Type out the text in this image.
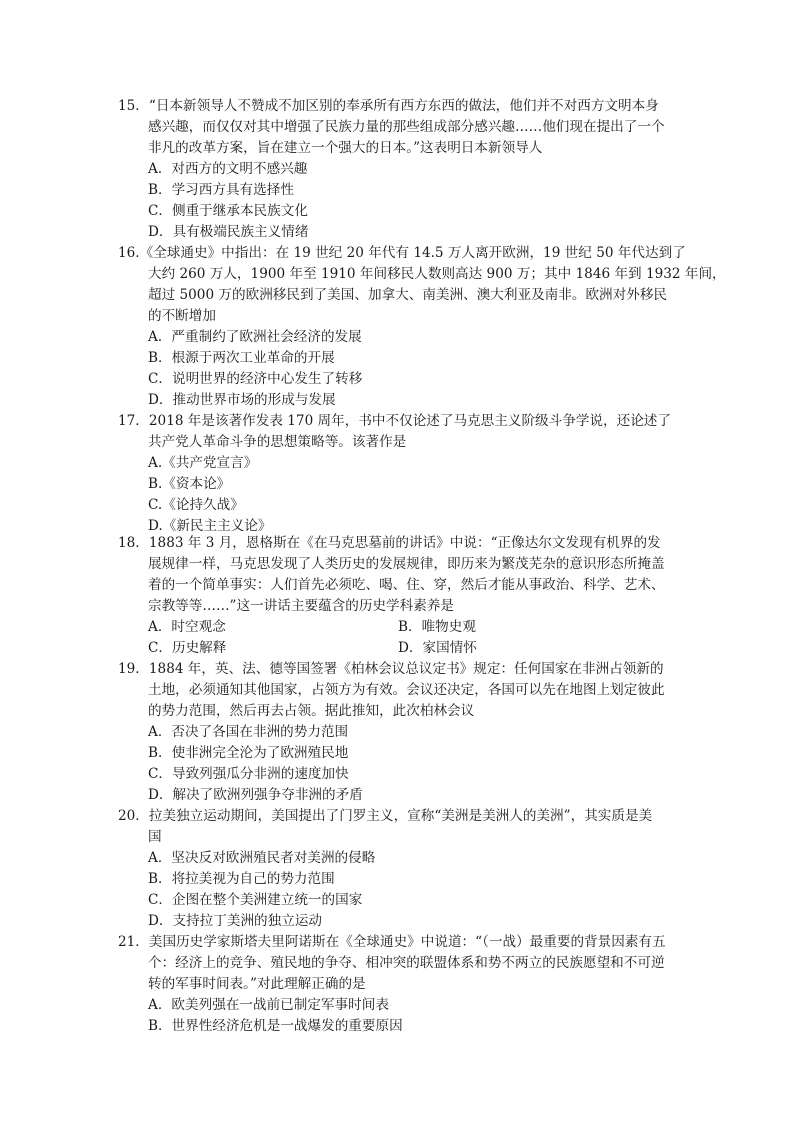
15．“日本新领导人不赞成不加区别的奉承所有西方东西的做法，他们并不对西方文明本身
感兴趣，而仅仅对其中增强了民族力量的那些组成部分感兴趣……他们现在提出了一个
非凡的改革方案，旨在建立一个强大的日本。”这表明日本新领导人
A．对西方的文明不感兴趣
B．学习西方具有选择性
C．侧重于继承本民族文化
D．具有极端民族主义情绪
16.《全球通史》中指出：在 19 世纪 20 年代有 14.5 万人离开欧洲，19 世纪 50 年代达到了
大约 260 万人，1900 年至 1910 年间移民人数则高达 900 万；其中 1846 年到 1932 年间，
超过 5000 万的欧洲移民到了美国、加拿大、南美洲、澳大利亚及南非。欧洲对外移民
的不断增加
A．严重制约了欧洲社会经济的发展
B．根源于两次工业革命的开展
C．说明世界的经济中心发生了转移
D．推动世界市场的形成与发展
17．2018 年是该著作发表 170 周年，书中不仅论述了马克思主义阶级斗争学说，还论述了
共产党人革命斗争的思想策略等。该著作是
A.《共产党宣言》
B.《资本论》
C.《论持久战》
D.《新民主主义论》
18．1883 年 3 月，恩格斯在《在马克思墓前的讲话》中说：“正像达尔文发现有机界的发
展规律一样，马克思发现了人类历史的发展规律，即历来为繁茂芜杂的意识形态所掩盖
着的一个简单事实：人们首先必须吃、喝、住、穿，然后才能从事政治、科学、艺术、
宗教等等……”这一讲话主要蕴含的历史学科素养是
A．时空观念	B．唯物史观
C．历史解释	D．家国情怀
19．1884 年，英、法、德等国签署《柏林会议总议定书》规定：任何国家在非洲占领新的
土地，必须通知其他国家，占领方为有效。会议还决定，各国可以先在地图上划定彼此
的势力范围，然后再去占领。据此推知，此次柏林会议
A．否决了各国在非洲的势力范围
B．使非洲完全沦为了欧洲殖民地
C．导致列强瓜分非洲的速度加快
D．解决了欧洲列强争夺非洲的矛盾
20．拉美独立运动期间，美国提出了门罗主义，宣称“美洲是美洲人的美洲”，其实质是美
国
A．坚决反对欧洲殖民者对美洲的侵略
B．将拉美视为自己的势力范围
C．企图在整个美洲建立统一的国家
D．支持拉丁美洲的独立运动
21．美国历史学家斯塔夫里阿诺斯在《全球通史》中说道：“（一战）最重要的背景因素有五
个：经济上的竞争、殖民地的争夺、相冲突的联盟体系和势不两立的民族愿望和不可逆
转的军事时间表。”对此理解正确的是
A．欧美列强在一战前已制定军事时间表
B．世界性经济危机是一战爆发的重要原因
